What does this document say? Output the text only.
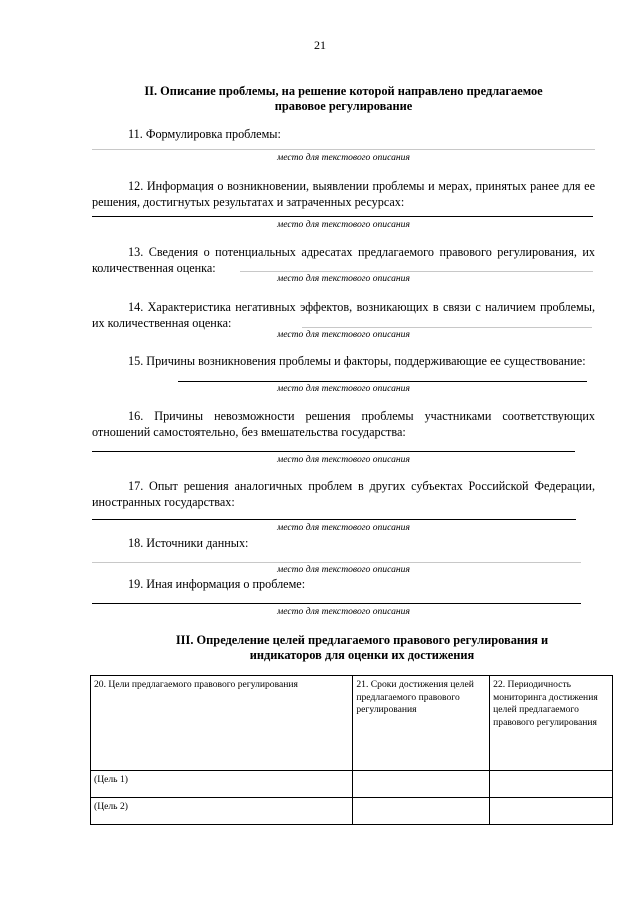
21
II. Описание проблемы, на решение которой направлено предлагаемое
правовое регулирование
11. Формулировка проблемы:
место для текстового описания
12. Информация о возникновении, выявлении проблемы и мерах, принятых ранее для ее решения, достигнутых результатах и затраченных ресурсах:
место для текстового описания
13. Сведения о потенциальных адресатах предлагаемого правового регулирования, их количественная оценка:
место для текстового описания
14. Характеристика негативных эффектов, возникающих в связи с наличием проблемы, их количественная оценка:
место для текстового описания
15. Причины возникновения проблемы и факторы, поддерживающие ее существование:
место для текстового описания
16. Причины невозможности решения проблемы участниками соответствующих отношений самостоятельно, без вмешательства государства:
место для текстового описания
17. Опыт решения аналогичных проблем в других субъектах Российской Федерации, иностранных государствах:
место для текстового описания
18. Источники данных:
место для текстового описания
19. Иная информация о проблеме:
место для текстового описания
III. Определение целей предлагаемого правового регулирования и
индикаторов для оценки их достижения
20. Цели предлагаемого правового регулирования	21. Сроки достижения целей предлагаемого правового регулирования	22. Периодичность мониторинга достижения целей предлагаемого правового регулирования
(Цель 1)		
(Цель 2)		
